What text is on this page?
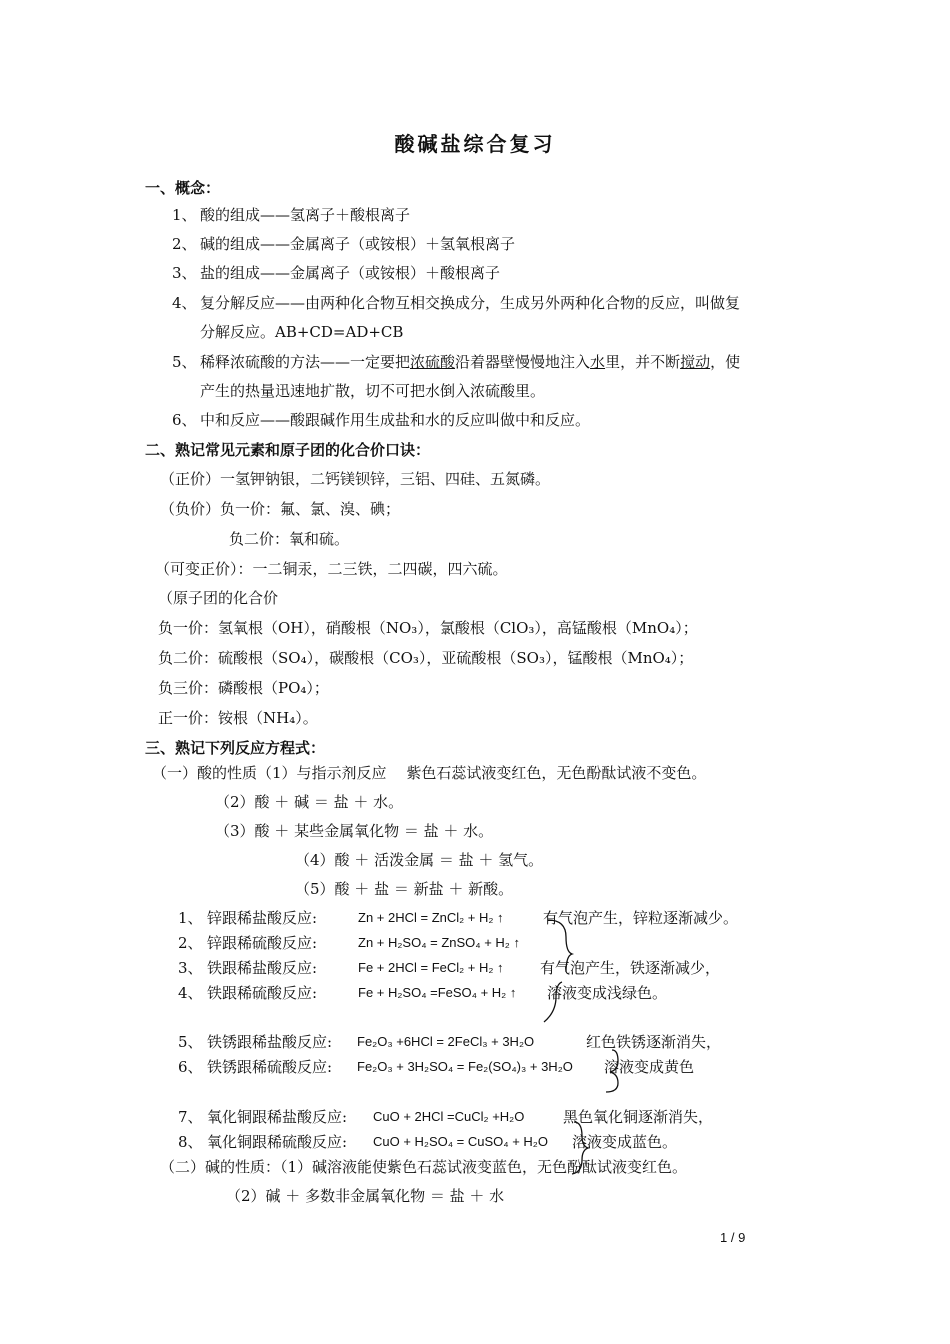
酸碱盐综合复习
一、概念：
1、 酸的组成——氢离子＋酸根离子
2、 碱的组成——金属离子（或铵根）＋氢氧根离子
3、 盐的组成——金属离子（或铵根）＋酸根离子
4、 复分解反应——由两种化合物互相交换成分，生成另外两种化合物的反应，叫做复
分解反应。AB+CD=AD+CB
5、 稀释浓硫酸的方法——一定要把浓硫酸沿着器壁慢慢地注入水里，并不断搅动，使
产生的热量迅速地扩散，切不可把水倒入浓硫酸里。
6、 中和反应——酸跟碱作用生成盐和水的反应叫做中和反应。
二、熟记常见元素和原子团的化合价口诀：
（正价）一氢钾钠银，二钙镁钡锌，三铝、四硅、五氮磷。
（负价）负一价：氟、氯、溴、碘；
负二价：氧和硫。
（可变正价）：一二铜汞，二三铁，二四碳，四六硫。
（原子团的化合价
负一价：氢氧根（OH），硝酸根（NO₃），氯酸根（ClO₃），高锰酸根（MnO₄）；
负二价：硫酸根（SO₄），碳酸根（CO₃），亚硫酸根（SO₃），锰酸根（MnO₄）；
负三价：磷酸根（PO₄）；
正一价：铵根（NH₄）。
三、熟记下列反应方程式：
（一）酸的性质（1）与指示剂反应　 紫色石蕊试液变红色，无色酚酞试液不变色。
（2）酸 ＋ 碱 ＝ 盐 ＋ 水。
（3）酸 ＋ 某些金属氧化物 ＝ 盐 ＋ 水。
（4）酸 ＋ 活泼金属 ＝ 盐 ＋ 氢气。
（5）酸 ＋ 盐 ＝ 新盐 ＋ 新酸。
1、 锌跟稀盐酸反应:	Zn + 2HCl = ZnCl₂ + H₂ ↑	有气泡产生，锌粒逐渐减少。
2、 锌跟稀硫酸反应:	Zn + H₂SO₄ = ZnSO₄ + H₂ ↑
3、 铁跟稀盐酸反应:	Fe + 2HCl = FeCl₂ + H₂ ↑ 有气泡产生，铁逐渐减少，
4、 铁跟稀硫酸反应:	Fe + H₂SO₄ =FeSO₄ + H₂ ↑ 溶液变成浅绿色。
5、 铁锈跟稀盐酸反应: Fe₂O₃ +6HCl = 2FeCl₃ + 3H₂O	红色铁锈逐渐消失，
6、 铁锈跟稀硫酸反应: Fe₂O₃ + 3H₂SO₄ = Fe₂(SO₄)₃ + 3H₂O 溶液变成黄色
7、 氧化铜跟稀盐酸反应: CuO + 2HCl =CuCl₂ +H₂O	黑色氧化铜逐渐消失，
8、 氧化铜跟稀硫酸反应: CuO + H₂SO₄ = CuSO₄ + H₂O 溶液变成蓝色。
（二）碱的性质：（1）碱溶液能使紫色石蕊试液变蓝色，无色酚酞试液变红色。
（2）碱 ＋ 多数非金属氧化物 ＝ 盐 ＋ 水
1 / 9
